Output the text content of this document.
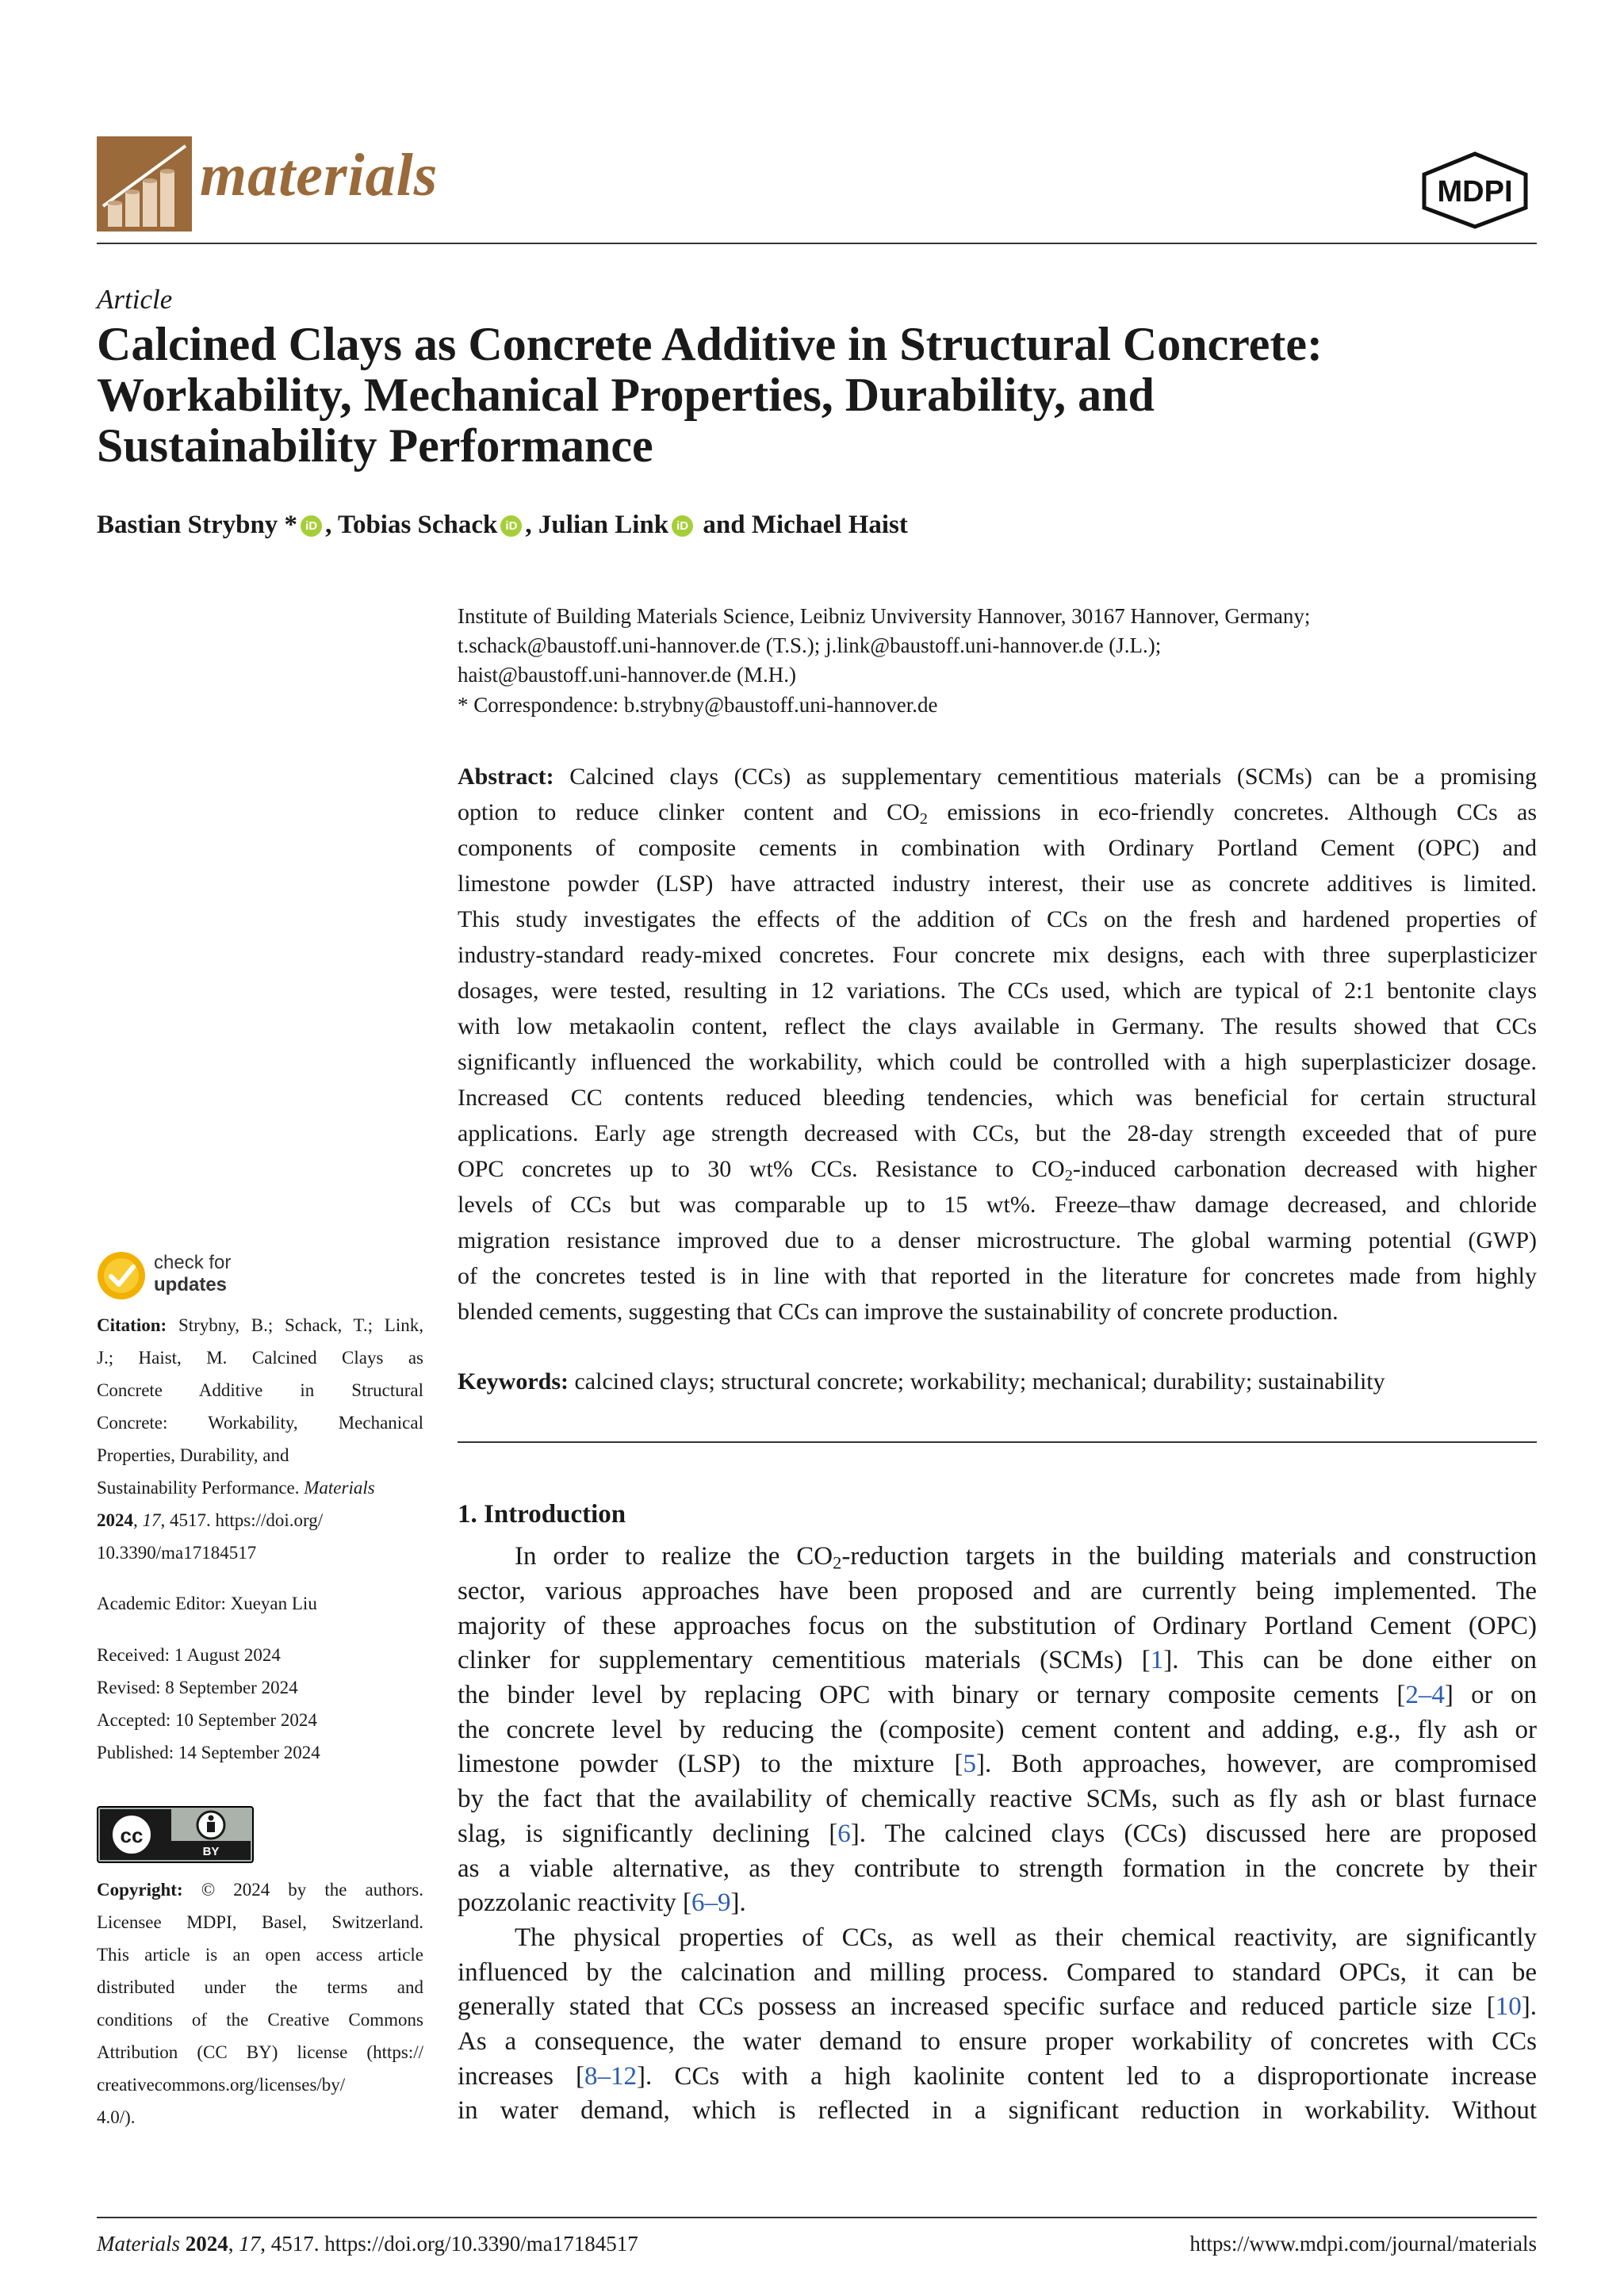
materials	MDPI
Article
Calcined Clays as Concrete Additive in Structural Concrete:
Workability, Mechanical Properties, Durability, and
Sustainability Performance
Bastian Strybny * iD , Tobias Schack iD , Julian Link iD and Michael Haist
Institute of Building Materials Science, Leibniz Unviversity Hannover, 30167 Hannover, Germany;
t.schack@baustoff.uni-hannover.de (T.S.); j.link@baustoff.uni-hannover.de (J.L.);
haist@baustoff.uni-hannover.de (M.H.)
* Correspondence: b.strybny@baustoff.uni-hannover.de
Abstract: Calcined clays (CCs) as supplementary cementitious materials (SCMs) can be a promising
option to reduce clinker content and $CO_2$ emissions in eco-friendly concretes. Although CCs as
components of composite cements in combination with Ordinary Portland Cement (OPC) and
limestone powder (LSP) have attracted industry interest, their use as concrete additives is limited.
This study investigates the effects of the addition of CCs on the fresh and hardened properties of
industry-standard ready-mixed concretes. Four concrete mix designs, each with three superplasticizer
dosages, were tested, resulting in 12 variations. The CCs used, which are typical of 2:1 bentonite clays
with low metakaolin content, reflect the clays available in Germany. The results showed that CCs
significantly influenced the workability, which could be controlled with a high superplasticizer dosage.
Increased CC contents reduced bleeding tendencies, which was beneficial for certain structural
applications. Early age strength decreased with CCs, but the 28-day strength exceeded that of pure
OPC concretes up to 30 wt% CCs. Resistance to $CO_2$-induced carbonation decreased with higher
levels of CCs but was comparable up to 15 wt%. Freeze–thaw damage decreased, and chloride
migration resistance improved due to a denser microstructure. The global warming potential (GWP)
of the concretes tested is in line with that reported in the literature for concretes made from highly
blended cements, suggesting that CCs can improve the sustainability of concrete production.
Keywords: calcined clays; structural concrete; workability; mechanical; durability; sustainability
check for
updates
Citation: Strybny, B.; Schack, T.; Link,
J.; Haist, M. Calcined Clays as
Concrete Additive in Structural
Concrete: Workability, Mechanical
Properties, Durability, and
Sustainability Performance. Materials
2024, 17, 4517. https://doi.org/
10.3390/ma17184517
Academic Editor: Xueyan Liu
Received: 1 August 2024
Revised: 8 September 2024
Accepted: 10 September 2024
Published: 14 September 2024
cc
BY
Copyright: © 2024 by the authors.
Licensee MDPI, Basel, Switzerland.
This article is an open access article
distributed under the terms and
conditions of the Creative Commons
Attribution (CC BY) license (https://
creativecommons.org/licenses/by/
4.0/).
1. Introduction
In order to realize the $CO_2$-reduction targets in the building materials and construction
sector, various approaches have been proposed and are currently being implemented. The
majority of these approaches focus on the substitution of Ordinary Portland Cement (OPC)
clinker for supplementary cementitious materials (SCMs) [1]. This can be done either on
the binder level by replacing OPC with binary or ternary composite cements [2–4] or on
the concrete level by reducing the (composite) cement content and adding, e.g., fly ash or
limestone powder (LSP) to the mixture [5]. Both approaches, however, are compromised
by the fact that the availability of chemically reactive SCMs, such as fly ash or blast furnace
slag, is significantly declining [6]. The calcined clays (CCs) discussed here are proposed
as a viable alternative, as they contribute to strength formation in the concrete by their
pozzolanic reactivity [6–9].
The physical properties of CCs, as well as their chemical reactivity, are significantly
influenced by the calcination and milling process. Compared to standard OPCs, it can be
generally stated that CCs possess an increased specific surface and reduced particle size [10].
As a consequence, the water demand to ensure proper workability of concretes with CCs
increases [8–12]. CCs with a high kaolinite content led to a disproportionate increase
in water demand, which is reflected in a significant reduction in workability. Without
Materials 2024, 17, 4517. https://doi.org/10.3390/ma17184517	https://www.mdpi.com/journal/materials
